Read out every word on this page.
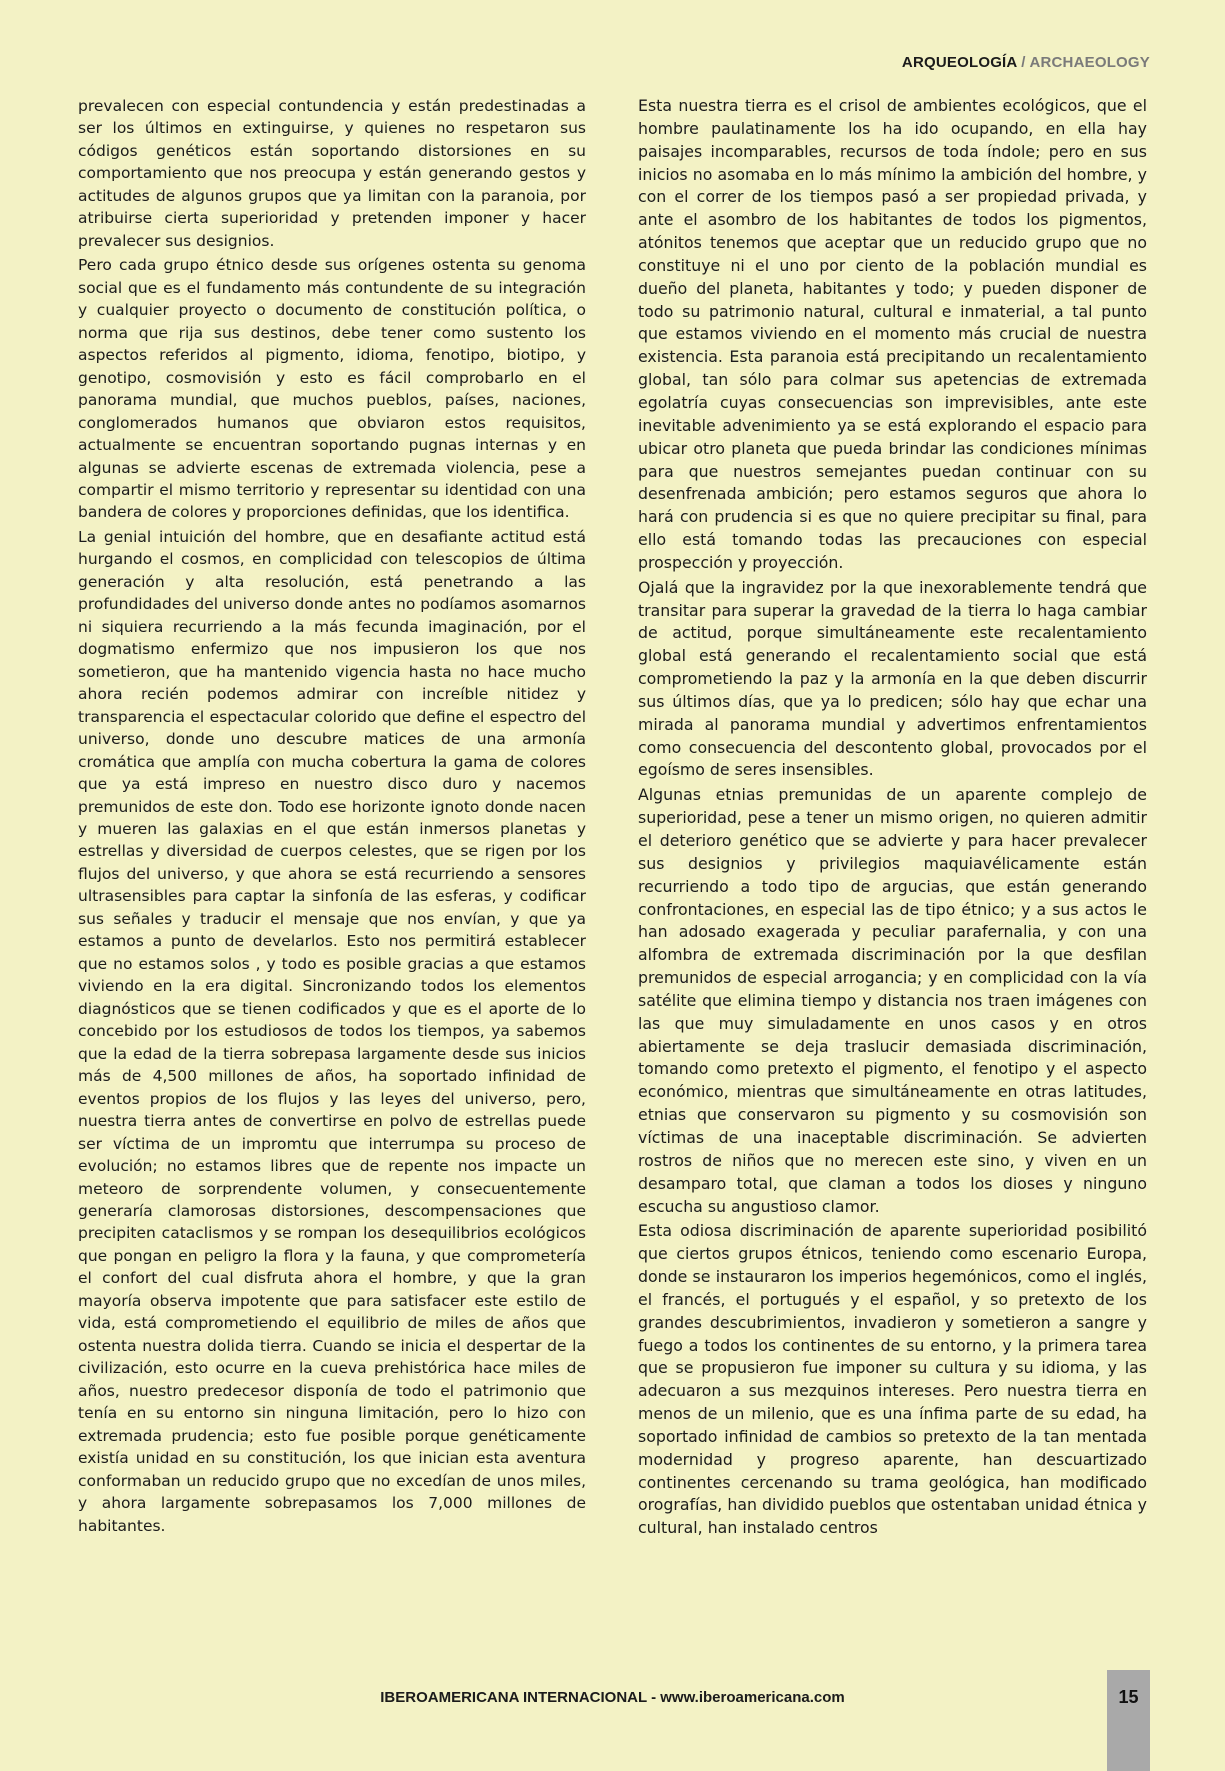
ARQUEOLOGÍA / ARCHAEOLOGY

prevalecen con especial contundencia y están predestinadas a ser los últimos en extinguirse, y quienes no respetaron sus códigos genéticos están soportando distorsiones en su comportamiento que nos preocupa y están generando gestos y actitudes de algunos grupos que ya limitan con la paranoia, por atribuirse cierta superioridad y pretenden imponer y hacer prevalecer sus designios.

Pero cada grupo étnico desde sus orígenes ostenta su genoma social que es el fundamento más contundente de su integración y cualquier proyecto o documento de constitución política, o norma que rija sus destinos, debe tener como sustento los aspectos referidos al pigmento, idioma, fenotipo, biotipo, y genotipo, cosmovisión y esto es fácil comprobarlo en el panorama mundial, que muchos pueblos, países, naciones, conglomerados humanos que obviaron estos requisitos, actualmente se encuentran soportando pugnas internas y en algunas se advierte escenas de extremada violencia, pese a compartir el mismo territorio y representar su identidad con una bandera de colores y proporciones definidas, que los identifica.

La genial intuición del hombre, que en desafiante actitud está hurgando el cosmos, en complicidad con telescopios de última generación y alta resolución, está penetrando a las profundidades del universo donde antes no podíamos asomarnos ni siquiera recurriendo a la más fecunda imaginación, por el dogmatismo enfermizo que nos impusieron los que nos sometieron, que ha mantenido vigencia hasta no hace mucho ahora recién podemos admirar con increíble nitidez y transparencia el espectacular colorido que define el espectro del universo, donde uno descubre matices de una armonía cromática que amplía con mucha cobertura la gama de colores que ya está impreso en nuestro disco duro y nacemos premunidos de este don. Todo ese horizonte ignoto donde nacen y mueren las galaxias en el que están inmersos planetas y estrellas y diversidad de cuerpos celestes, que se rigen por los flujos del universo, y que ahora se está recurriendo a sensores ultrasensibles para captar la sinfonía de las esferas, y codificar sus señales y traducir el mensaje que nos envían, y que ya estamos a punto de develarlos. Esto nos permitirá establecer que no estamos solos , y todo es posible gracias a que estamos viviendo en la era digital. Sincronizando todos los elementos diagnósticos que se tienen codificados y que es el aporte de lo concebido por los estudiosos de todos los tiempos, ya sabemos que la edad de la tierra sobrepasa largamente desde sus inicios más de 4,500 millones de años, ha soportado infinidad de eventos propios de los flujos y las leyes del universo, pero, nuestra tierra antes de convertirse en polvo de estrellas puede ser víctima de un impromtu que interrumpa su proceso de evolución; no estamos libres que de repente nos impacte un meteoro de sorprendente volumen, y consecuentemente generaría clamorosas distorsiones, descompensaciones que precipiten cataclismos y se rompan los desequilibrios ecológicos que pongan en peligro la flora y la fauna, y que comprometería el confort del cual disfruta ahora el hombre, y que la gran mayoría observa impotente que para satisfacer este estilo de vida, está comprometiendo el equilibrio de miles de años que ostenta nuestra dolida tierra. Cuando se inicia el despertar de la civilización, esto ocurre en la cueva prehistórica hace miles de años, nuestro predecesor disponía de todo el patrimonio que tenía en su entorno sin ninguna limitación, pero lo hizo con extremada prudencia; esto fue posible porque genéticamente existía unidad en su constitución, los que inician esta aventura conformaban un reducido grupo que no excedían de unos miles, y ahora largamente sobrepasamos los 7,000 millones de habitantes.

Esta nuestra tierra es el crisol de ambientes ecológicos, que el hombre paulatinamente los ha ido ocupando, en ella hay paisajes incomparables, recursos de toda índole; pero en sus inicios no asomaba en lo más mínimo la ambición del hombre, y con el correr de los tiempos pasó a ser propiedad privada, y ante el asombro de los habitantes de todos los pigmentos, atónitos tenemos que aceptar que un reducido grupo que no constituye ni el uno por ciento de la población mundial es dueño del planeta, habitantes y todo; y pueden disponer de todo su patrimonio natural, cultural e inmaterial, a tal punto que estamos viviendo en el momento más crucial de nuestra existencia. Esta paranoia está precipitando un recalentamiento global, tan sólo para colmar sus apetencias de extremada egolatría cuyas consecuencias son imprevisibles, ante este inevitable advenimiento ya se está explorando el espacio para ubicar otro planeta que pueda brindar las condiciones mínimas para que nuestros semejantes puedan continuar con su desenfrenada ambición; pero estamos seguros que ahora lo hará con prudencia si es que no quiere precipitar su final, para ello está tomando todas las precauciones con especial prospección y proyección.

Ojalá que la ingravidez por la que inexorablemente tendrá que transitar para superar la gravedad de la tierra lo haga cambiar de actitud, porque simultáneamente este recalentamiento global está generando el recalentamiento social que está comprometiendo la paz y la armonía en la que deben discurrir sus últimos días, que ya lo predicen; sólo hay que echar una mirada al panorama mundial y advertimos enfrentamientos como consecuencia del descontento global, provocados por el egoísmo de seres insensibles.

Algunas etnias premunidas de un aparente complejo de superioridad, pese a tener un mismo origen, no quieren admitir el deterioro genético que se advierte y para hacer prevalecer sus designios y privilegios maquiavélicamente están recurriendo a todo tipo de argucias, que están generando confrontaciones, en especial las de tipo étnico; y a sus actos le han adosado exagerada y peculiar parafernalia, y con una alfombra de extremada discriminación por la que desfilan premunidos de especial arrogancia; y en complicidad con la vía satélite que elimina tiempo y distancia nos traen imágenes con las que muy simuladamente en unos casos y en otros abiertamente se deja traslucir demasiada discriminación, tomando como pretexto el pigmento, el fenotipo y el aspecto económico, mientras que simultáneamente en otras latitudes, etnias que conservaron su pigmento y su cosmovisión son víctimas de una inaceptable discriminación. Se advierten rostros de niños que no merecen este sino, y viven en un desamparo total, que claman a todos los dioses y ninguno escucha su angustioso clamor.

Esta odiosa discriminación de aparente superioridad posibilitó que ciertos grupos étnicos, teniendo como escenario Europa, donde se instauraron los imperios hegemónicos, como el inglés, el francés, el portugués y el español, y so pretexto de los grandes descubrimientos, invadieron y sometieron a sangre y fuego a todos los continentes de su entorno, y la primera tarea que se propusieron fue imponer su cultura y su idioma, y las adecuaron a sus mezquinos intereses. Pero nuestra tierra en menos de un milenio, que es una ínfima parte de su edad, ha soportado infinidad de cambios so pretexto de la tan mentada modernidad y progreso aparente, han descuartizado continentes cercenando su trama geológica, han modificado orografías, han dividido pueblos que ostentaban unidad étnica y cultural, han instalado centros

IBEROAMERICANA INTERNACIONAL - www.iberoamericana.com	15
